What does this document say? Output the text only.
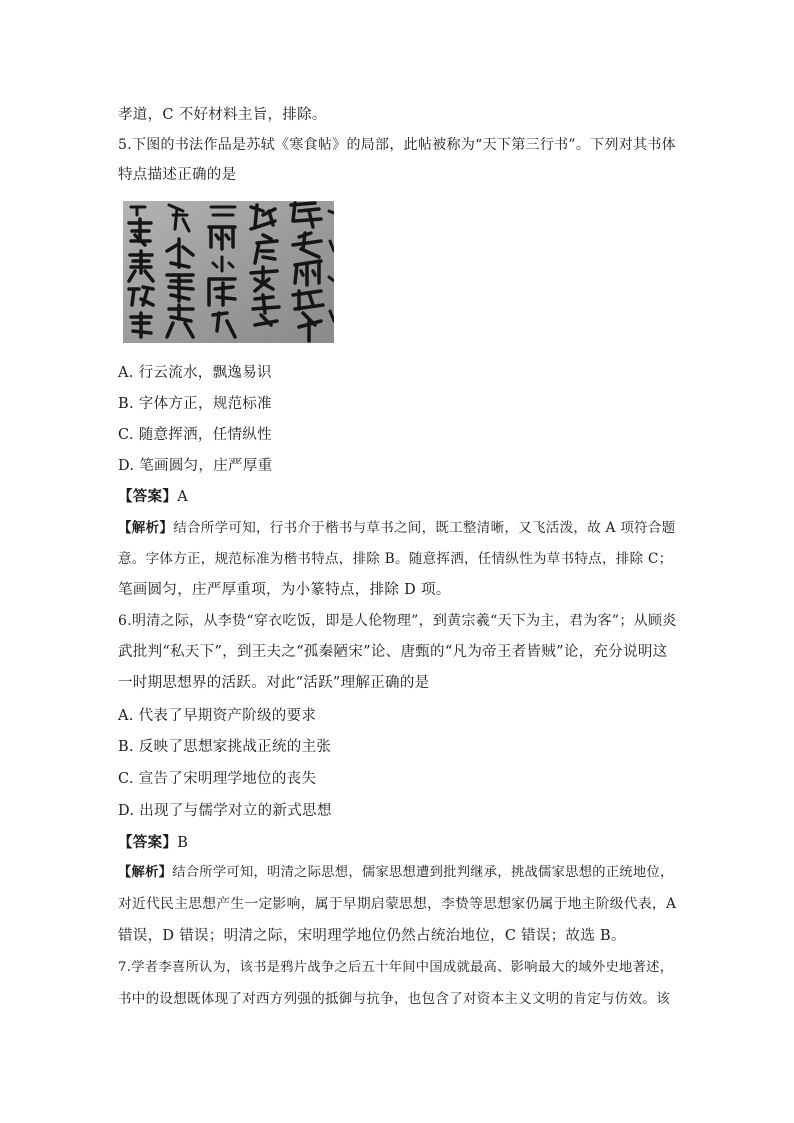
孝道，C 不好材料主旨，排除。
5.下图的书法作品是苏轼《寒食帖》的局部，此帖被称为“天下第三行书”。下列对其书体
特点描述正确的是
A. 行云流水，飘逸易识
B. 字体方正，规范标准
C. 随意挥洒，任情纵性
D. 笔画圆匀，庄严厚重
【答案】A
【解析】结合所学可知，行书介于楷书与草书之间，既工整清晰，又飞活泼，故 A 项符合题
意。字体方正，规范标准为楷书特点，排除 B。随意挥洒，任情纵性为草书特点，排除 C；
笔画圆匀，庄严厚重项，为小篆特点，排除 D 项。
6.明清之际，从李贽“穿衣吃饭，即是人伦物理”，到黄宗羲“天下为主，君为客”；从顾炎
武批判“私天下”，到王夫之“孤秦陋宋”论、唐甄的“凡为帝王者皆贼”论，充分说明这
一时期思想界的活跃。对此“活跃”理解正确的是
A. 代表了早期资产阶级的要求
B. 反映了思想家挑战正统的主张
C. 宣告了宋明理学地位的丧失
D. 出现了与儒学对立的新式思想
【答案】B
【解析】结合所学可知，明清之际思想，儒家思想遭到批判继承，挑战儒家思想的正统地位，
对近代民主思想产生一定影响，属于早期启蒙思想，李贽等思想家仍属于地主阶级代表，A
错误，D 错误；明清之际，宋明理学地位仍然占统治地位，C 错误；故选 B。
7.学者李喜所认为，该书是鸦片战争之后五十年间中国成就最高、影响最大的域外史地著述，
书中的设想既体现了对西方列强的抵御与抗争，也包含了对资本主义文明的肯定与仿效。该
